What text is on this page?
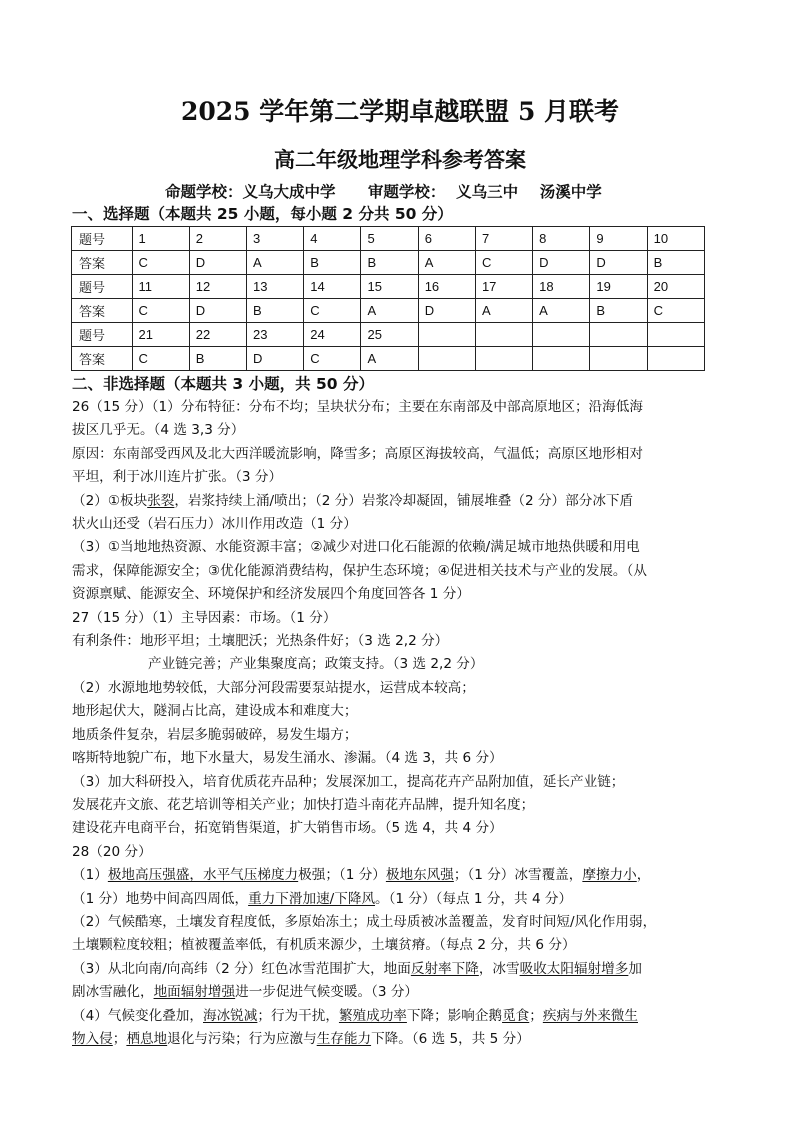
2025 学年第二学期卓越联盟 5 月联考
高二年级地理学科参考答案
命题学校：义乌大成中学      审题学校：  义乌三中    汤溪中学
一、选择题（本题共 25 小题，每小题 2 分共 50 分）
题号	1	2	3	4	5	6	7	8	9	10
答案	C	D	A	B	B	A	C	D	D	B
题号	11	12	13	14	15	16	17	18	19	20
答案	C	D	B	C	A	D	A	A	B	C
题号	21	22	23	24	25					
答案	C	B	D	C	A					
二、非选择题（本题共 3 小题，共 50 分）
26（15 分）（1）分布特征：分布不均；呈块状分布；主要在东南部及中部高原地区；沿海低海
拔区几乎无。（4 选 3,3 分）
原因：东南部受西风及北大西洋暖流影响，降雪多；高原区海拔较高，气温低；高原区地形相对
平坦，利于冰川连片扩张。（3 分）
（2）①板块张裂，岩浆持续上涌/喷出；（2 分）岩浆冷却凝固，铺展堆叠（2 分）部分冰下盾
状火山还受（岩石压力）冰川作用改造（1 分）
（3）①当地地热资源、水能资源丰富；②减少对进口化石能源的依赖/满足城市地热供暖和用电
需求，保障能源安全；③优化能源消费结构，保护生态环境；④促进相关技术与产业的发展。（从
资源禀赋、能源安全、环境保护和经济发展四个角度回答各 1 分）
27（15 分）（1）主导因素：市场。（1 分）
有利条件：地形平坦；土壤肥沃；光热条件好；（3 选 2,2 分）
产业链完善；产业集聚度高；政策支持。（3 选 2,2 分）
（2）水源地地势较低，大部分河段需要泵站提水，运营成本较高；
地形起伏大，隧洞占比高，建设成本和难度大；
地质条件复杂，岩层多脆弱破碎，易发生塌方；
喀斯特地貌广布，地下水量大，易发生涌水、渗漏。（4 选 3，共 6 分）
（3）加大科研投入，培育优质花卉品种；发展深加工，提高花卉产品附加值，延长产业链；
发展花卉文旅、花艺培训等相关产业；加快打造斗南花卉品牌，提升知名度；
建设花卉电商平台，拓宽销售渠道，扩大销售市场。（5 选 4，共 4 分）
28（20 分）
（1）极地高压强盛，水平气压梯度力极强；（1 分）极地东风强；（1 分）冰雪覆盖，摩擦力小，
（1 分）地势中间高四周低，重力下滑加速/下降风。（1 分）（每点 1 分，共 4 分）
（2）气候酷寒，土壤发育程度低，多原始冻土；成土母质被冰盖覆盖，发育时间短/风化作用弱，
土壤颗粒度较粗；植被覆盖率低，有机质来源少，土壤贫瘠。（每点 2 分，共 6 分）
（3）从北向南/向高纬（2 分）红色冰雪范围扩大，地面反射率下降，冰雪吸收太阳辐射增多加
剧冰雪融化，地面辐射增强进一步促进气候变暖。（3 分）
（4）气候变化叠加，海冰锐减；行为干扰，繁殖成功率下降；影响企鹅觅食；疾病与外来微生
物入侵；栖息地退化与污染；行为应激与生存能力下降。（6 选 5，共 5 分）
